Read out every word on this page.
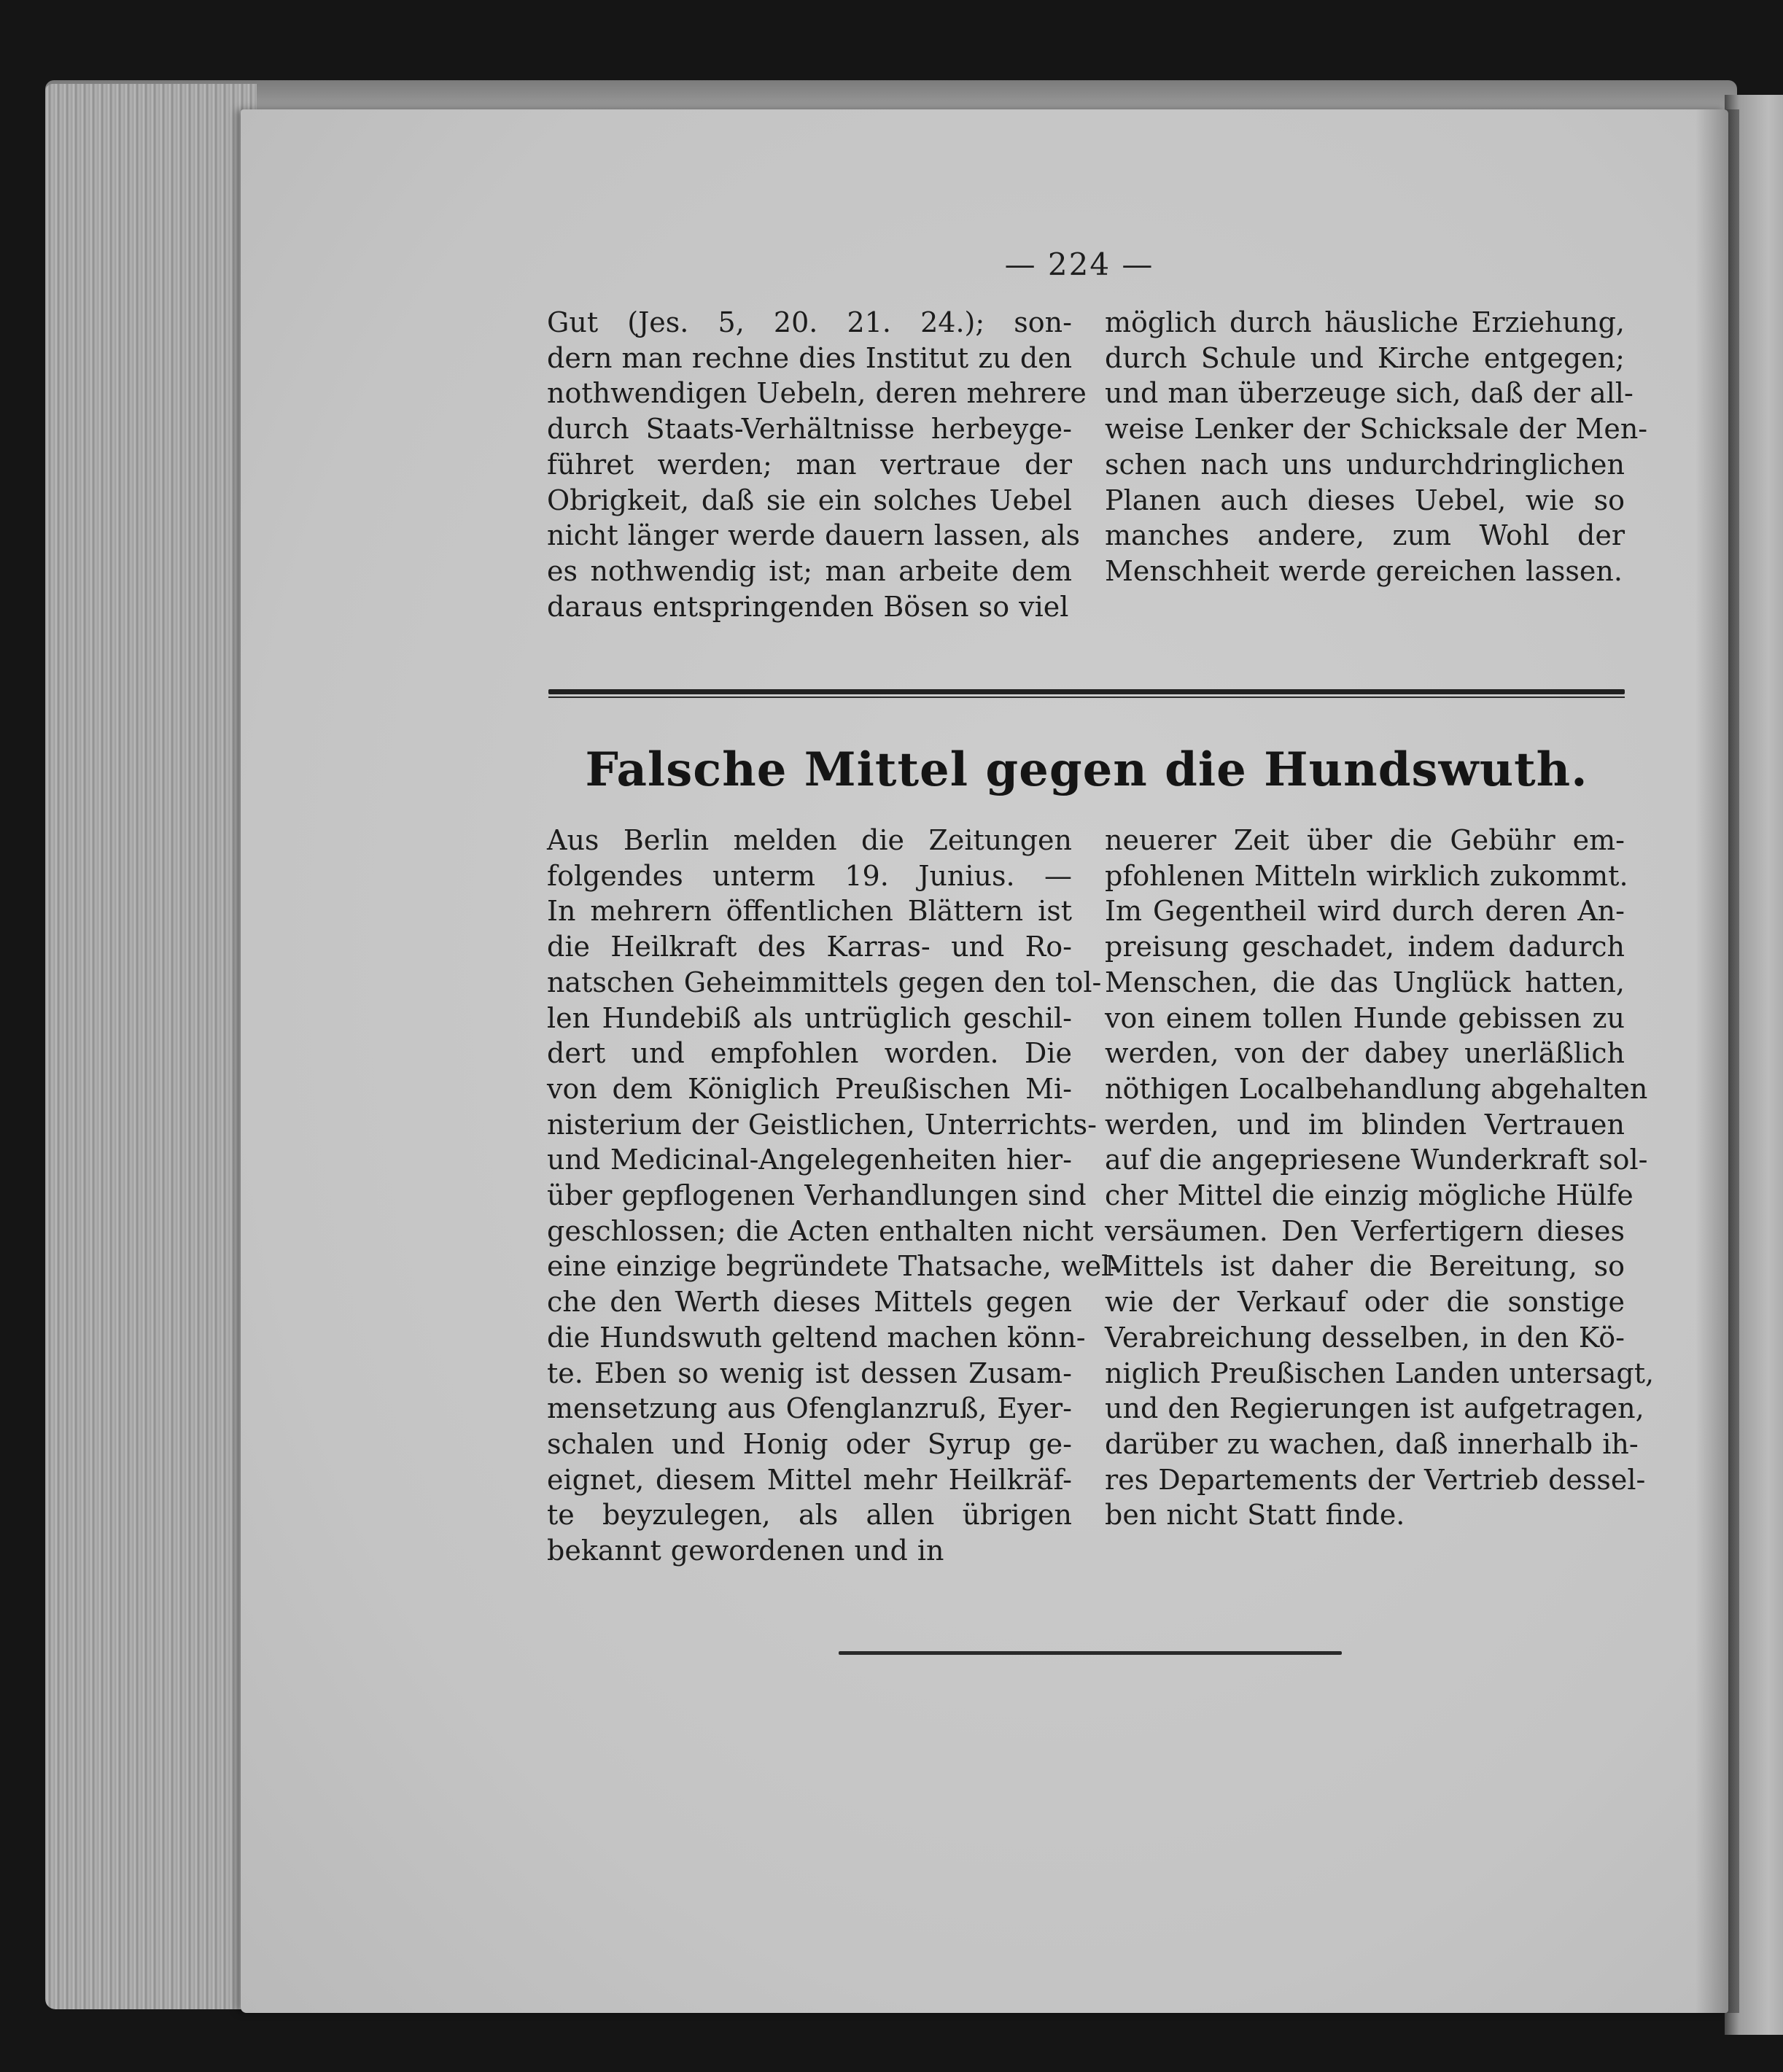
— 224 —
Gut (Jes. 5, 20. 21. 24.); son-
dern man rechne dies Institut zu den
nothwendigen Uebeln, deren mehrere
durch Staats-Verhältnisse herbeyge-
führet werden; man vertraue der
Obrigkeit, daß sie ein solches Uebel
nicht länger werde dauern lassen, als
es nothwendig ist; man arbeite dem
daraus entspringenden Bösen so viel
möglich durch häusliche Erziehung,
durch Schule und Kirche entgegen;
und man überzeuge sich, daß der all-
weise Lenker der Schicksale der Men-
schen nach uns undurchdringlichen
Planen auch dieses Uebel, wie so
manches andere, zum Wohl der
Menschheit werde gereichen lassen.
Falsche Mittel gegen die Hundswuth.
Aus Berlin melden die Zeitungen
folgendes unterm 19. Junius. —
In mehrern öffentlichen Blättern ist
die Heilkraft des Karras- und Ro-
natschen Geheimmittels gegen den tol-
len Hundebiß als untrüglich geschil-
dert und empfohlen worden. Die
von dem Königlich Preußischen Mi-
nisterium der Geistlichen, Unterrichts-
und Medicinal-Angelegenheiten hier-
über gepflogenen Verhandlungen sind
geschlossen; die Acten enthalten nicht
eine einzige begründete Thatsache, wel-
che den Werth dieses Mittels gegen
die Hundswuth geltend machen könn-
te. Eben so wenig ist dessen Zusam-
mensetzung aus Ofenglanzruß, Eyer-
schalen und Honig oder Syrup ge-
eignet, diesem Mittel mehr Heilkräf-
te beyzulegen, als allen übrigen
bekannt gewordenen und in
neuerer Zeit über die Gebühr em-
pfohlenen Mitteln wirklich zukommt.
Im Gegentheil wird durch deren An-
preisung geschadet, indem dadurch
Menschen, die das Unglück hatten,
von einem tollen Hunde gebissen zu
werden, von der dabey unerläßlich
nöthigen Localbehandlung abgehalten
werden, und im blinden Vertrauen
auf die angepriesene Wunderkraft sol-
cher Mittel die einzig mögliche Hülfe
versäumen. Den Verfertigern dieses
Mittels ist daher die Bereitung, so
wie der Verkauf oder die sonstige
Verabreichung desselben, in den Kö-
niglich Preußischen Landen untersagt,
und den Regierungen ist aufgetragen,
darüber zu wachen, daß innerhalb ih-
res Departements der Vertrieb dessel-
ben nicht Statt finde.
